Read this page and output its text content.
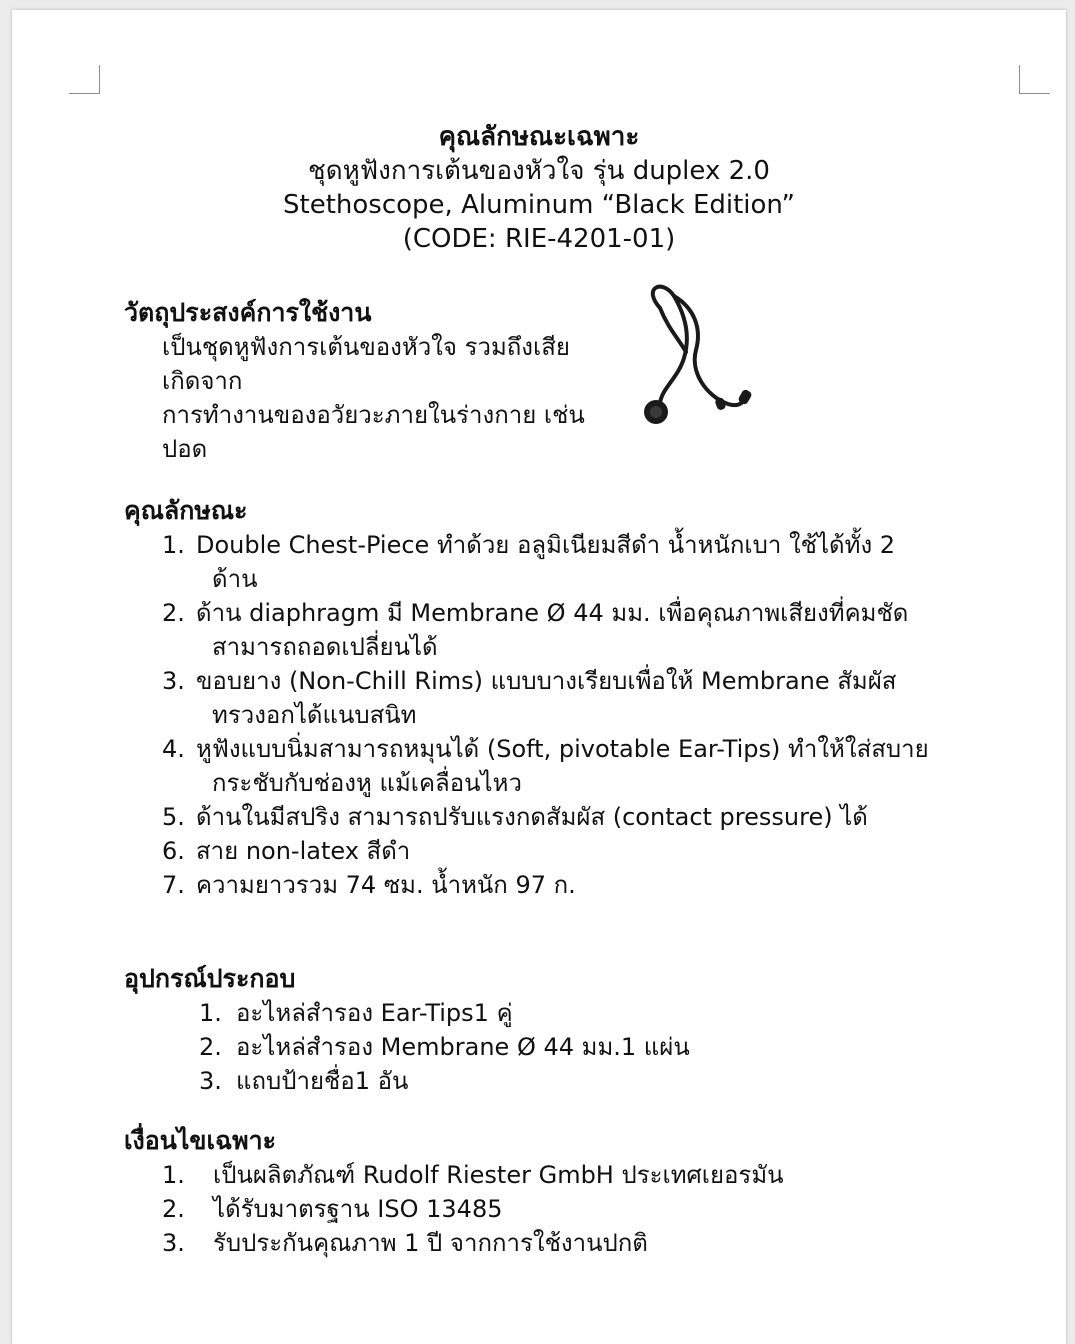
คุณลักษณะเฉพาะ
ชุดหูฟังการเต้นของหัวใจ รุ่น duplex 2.0
Stethoscope, Aluminum “Black Edition”
(CODE: RIE-4201-01)
วัตถุประสงค์การใช้งาน
เป็นชุดหูฟังการเต้นของหัวใจ รวมถึงเสีย
เกิดจาก
การทำงานของอวัยวะภายในร่างกาย เช่น
ปอด
คุณลักษณะ
1. Double Chest-Piece ทำด้วย อลูมิเนียมสีดำ น้ำหนักเบา ใช้ได้ทั้ง 2 ด้าน
2. ด้าน diaphragm มี Membrane Ø 44 มม. เพื่อคุณภาพเสียงที่คมชัด สามารถถอดเปลี่ยนได้
3. ขอบยาง (Non-Chill Rims) แบบบางเรียบเพื่อให้ Membrane สัมผัสทรวงอกได้แนบสนิท
4. หูฟังแบบนิ่มสามารถหมุนได้ (Soft, pivotable Ear-Tips) ทำให้ใส่สบายกระชับกับช่องหู แม้เคลื่อนไหว
5. ด้านในมีสปริง สามารถปรับแรงกดสัมผัส (contact pressure) ได้
6. สาย non-latex สีดำ
7. ความยาวรวม 74 ซม. น้ำหนัก 97 ก.
อุปกรณ์ประกอบ
1. อะไหล่สำรอง Ear-Tips1 คู่
2. อะไหล่สำรอง Membrane Ø 44 มม.1 แผ่น
3. แถบป้ายชื่อ1 อัน
เงื่อนไขเฉพาะ
1. เป็นผลิตภัณฑ์ Rudolf Riester GmbH ประเทศเยอรมัน
2. ได้รับมาตรฐาน ISO 13485
3. รับประกันคุณภาพ 1 ปี จากการใช้งานปกติ
